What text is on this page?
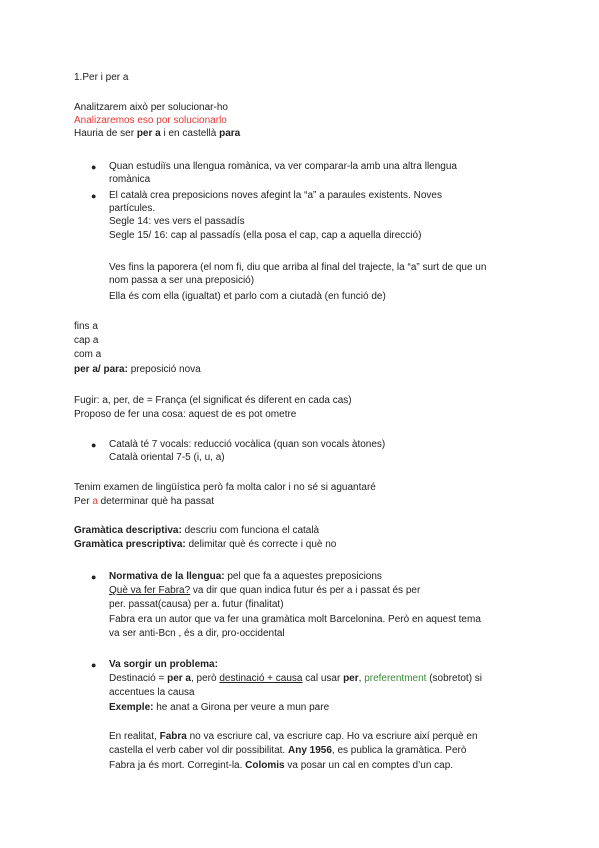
1.Per i per a
Analitzarem això per solucionar-ho
Analizaremos eso por solucionarlo
Hauria de ser per a i en castellà para
● Quan estudiïs una llengua romànica, va ver comparar-la amb una altra llengua
romànica
● El català crea preposicions noves afegint la “a” a paraules existents. Noves
partícules.
Segle 14: ves vers el passadís
Segle 15/ 16: cap al passadís (ella posa el cap, cap a aquella direcció)
Ves fins la paporera (el nom fi, diu que arriba al final del trajecte, la “a” surt de que un
nom passa a ser una preposició)
Ella és com ella (igualtat) et parlo com a ciutadà (en funció de)
fins a
cap a
com a
per a/ para: preposició nova
Fugir: a, per, de = França (el significat és diferent en cada cas)
Proposo de fer una cosa: aquest de es pot ometre
● Català té 7 vocals: reducció vocàlica (quan son vocals àtones)
Català oriental 7-5 (i, u, a)
Tenim examen de lingüística però fa molta calor i no sé si aguantaré
Per a determinar què ha passat
Gramàtica descriptiva: descriu com funciona el català
Gramàtica prescriptiva: delimitar què és correcte i què no
● Normativa de la llengua: pel que fa a aquestes preposicions
Què va fer Fabra? va dir que quan indica futur és per a i passat és per
per. passat(causa) per a. futur (finalitat)
Fabra era un autor que va fer una gramàtica molt Barcelonina. Però en aquest tema
va ser anti-Bcn , és a dir, pro-occidental
● Va sorgir un problema:
Destinació = per a, però destinació + causa cal usar per, preferentment (sobretot) si
accentues la causa
Exemple: he anat a Girona per veure a mun pare
En realitat, Fabra no va escriure cal, va escriure cap. Ho va escriure així perquè en
castella el verb caber vol dir possibilitat. Any 1956, es publica la gramàtica. Però
Fabra ja és mort. Corregint-la. Colomis va posar un cal en comptes d’un cap.
